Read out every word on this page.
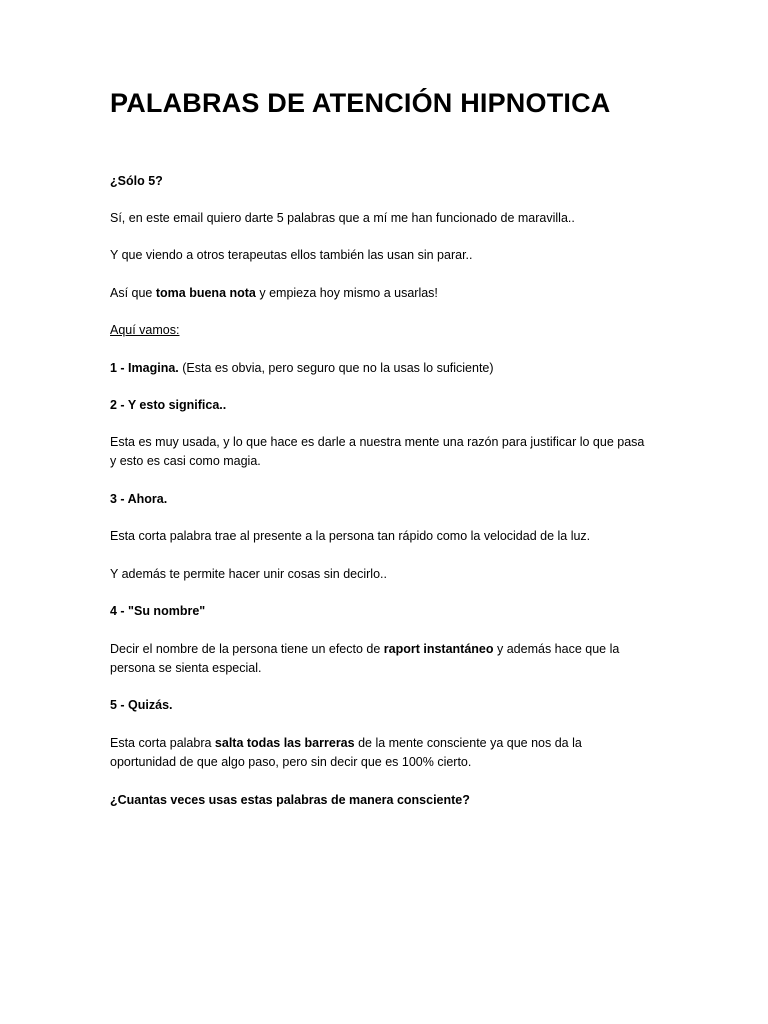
PALABRAS DE ATENCIÓN HIPNOTICA
¿Sólo 5?
Sí, en este email quiero darte 5 palabras que a mí me han funcionado de maravilla..
Y que viendo a otros terapeutas ellos también las usan sin parar..
Así que toma buena nota y empieza hoy mismo a usarlas!
Aquí vamos:
1 - Imagina. (Esta es obvia, pero seguro que no la usas lo suficiente)
2 - Y esto significa..
Esta es muy usada, y lo que hace es darle a nuestra mente una razón para justificar lo que pasa
y esto es casi como magia.
3 - Ahora.
Esta corta palabra trae al presente a la persona tan rápido como la velocidad de la luz.
Y además te permite hacer unir cosas sin decirlo..
4 - "Su nombre"
Decir el nombre de la persona tiene un efecto de raport instantáneo y además hace que la
persona se sienta especial.
5 - Quizás.
Esta corta palabra salta todas las barreras de la mente consciente ya que nos da la
oportunidad de que algo paso, pero sin decir que es 100% cierto.
¿Cuantas veces usas estas palabras de manera consciente?
